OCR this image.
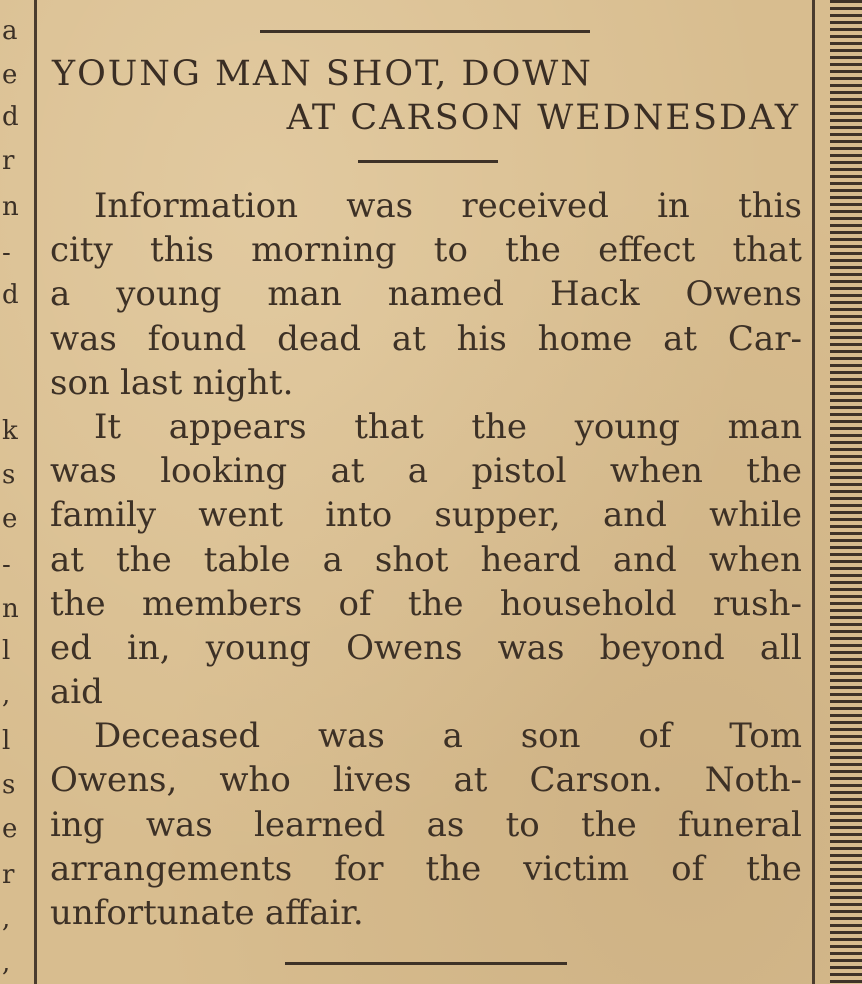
a
e
d
r
n
-
d
k
s
e
-
n
l
,
l
s
e
r
,
,
YOUNG MAN SHOT, DOWN
AT CARSON WEDNESDAY
Information was received in this
city this morning to the effect that
a young man named Hack Owens
was found dead at his home at Car-
son last night.
It appears that the young man
was looking at a pistol when the
family went into supper, and while
at the table a shot heard and when
the members of the household rush-
ed in, young Owens was beyond all
aid
Deceased was a son of Tom
Owens, who lives at Carson. Noth-
ing was learned as to the funeral
arrangements for the victim of the
unfortunate affair.
